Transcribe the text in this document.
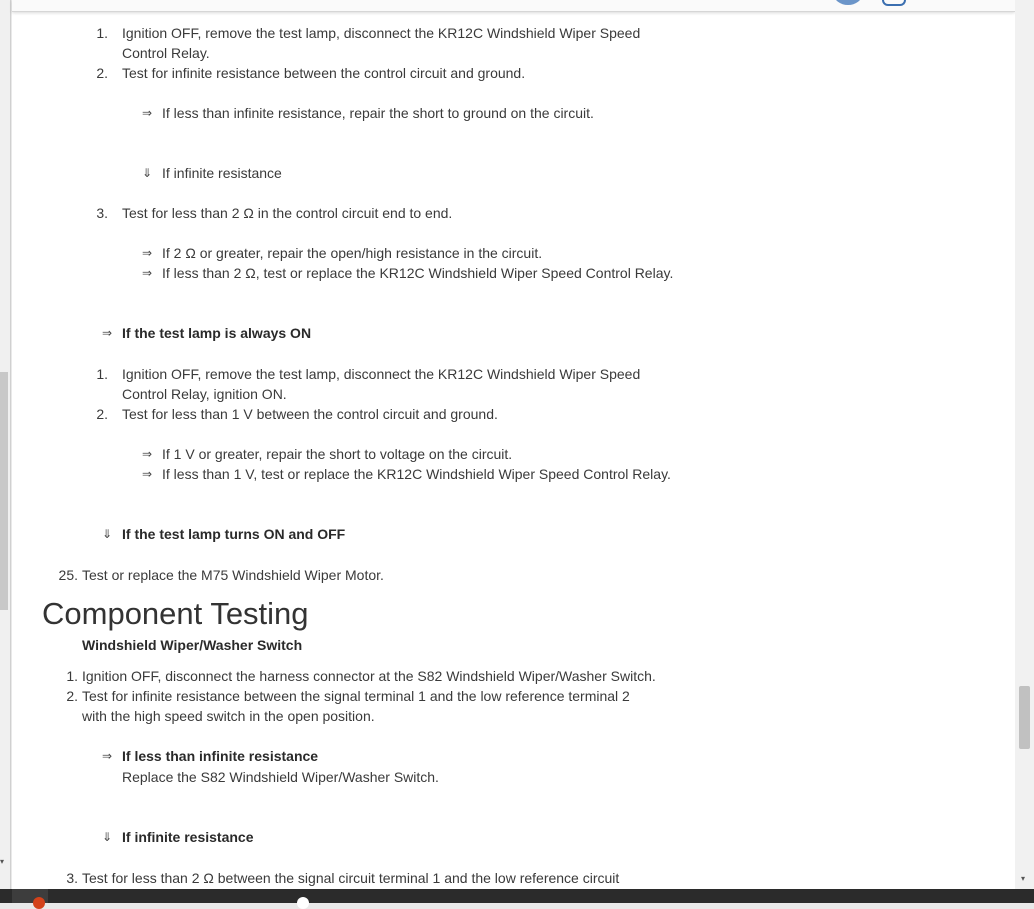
▾
1. Ignition OFF, remove the test lamp, disconnect the KR12C Windshield Wiper Speed
Control Relay.
2. Test for infinite resistance between the control circuit and ground.
⇒ If less than infinite resistance, repair the short to ground on the circuit.
⇓ If infinite resistance
3. Test for less than 2 Ω in the control circuit end to end.
⇒ If 2 Ω or greater, repair the open/high resistance in the circuit.
⇒ If less than 2 Ω, test or replace the KR12C Windshield Wiper Speed Control Relay.
⇒ If the test lamp is always ON
1. Ignition OFF, remove the test lamp, disconnect the KR12C Windshield Wiper Speed
Control Relay, ignition ON.
2. Test for less than 1 V between the control circuit and ground.
⇒ If 1 V or greater, repair the short to voltage on the circuit.
⇒ If less than 1 V, test or replace the KR12C Windshield Wiper Speed Control Relay.
⇓ If the test lamp turns ON and OFF
25. Test or replace the M75 Windshield Wiper Motor.
Component Testing
Windshield Wiper/Washer Switch
1. Ignition OFF, disconnect the harness connector at the S82 Windshield Wiper/Washer Switch.
2. Test for infinite resistance between the signal terminal 1 and the low reference terminal 2
with the high speed switch in the open position.
⇒ If less than infinite resistance
Replace the S82 Windshield Wiper/Washer Switch.
⇓ If infinite resistance
3. Test for less than 2 Ω between the signal circuit terminal 1 and the low reference circuit	▾
